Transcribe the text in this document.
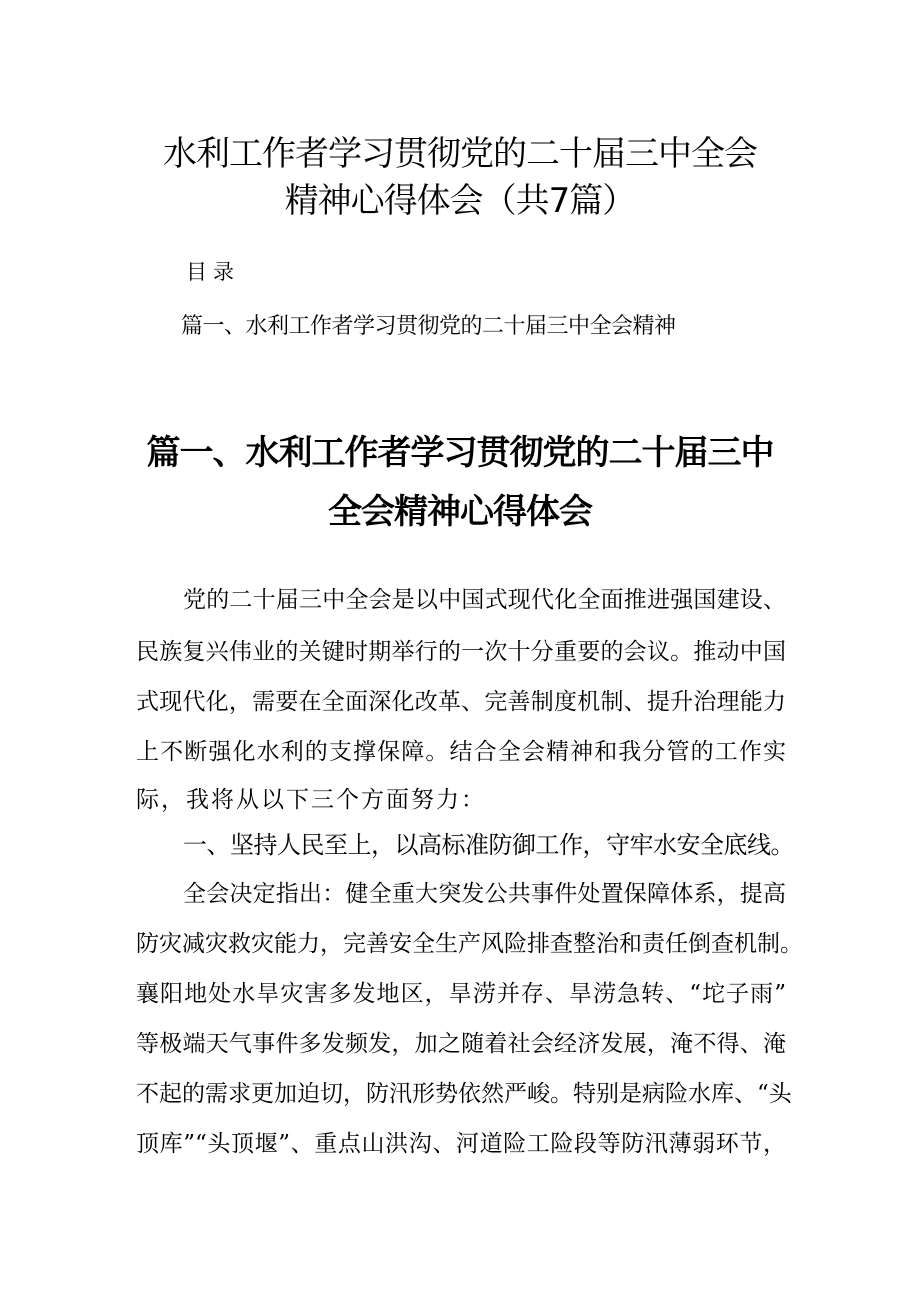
水利工作者学习贯彻党的二十届三中全会
精神心得体会（共7篇）
目录
篇一、水利工作者学习贯彻党的二十届三中全会精神
篇一、水利工作者学习贯彻党的二十届三中
全会精神心得体会

党的二十届三中全会是以中国式现代化全面推进强国建设、

民族复兴伟业的关键时期举行的一次十分重要的会议。推动中国

式现代化，需要在全面深化改革、完善制度机制、提升治理能力

上不断强化水利的支撑保障。结合全会精神和我分管的工作实

际，我将从以下三个方面努力：

一、坚持人民至上，以高标准防御工作，守牢水安全底线。

全会决定指出：健全重大突发公共事件处置保障体系，提高

防灾减灾救灾能力，完善安全生产风险排查整治和责任倒查机制。

襄阳地处水旱灾害多发地区，旱涝并存、旱涝急转、“坨子雨”

等极端天气事件多发频发，加之随着社会经济发展，淹不得、淹

不起的需求更加迫切，防汛形势依然严峻。特别是病险水库、“头

顶库”“头顶堰”、重点山洪沟、河道险工险段等防汛薄弱环节，
